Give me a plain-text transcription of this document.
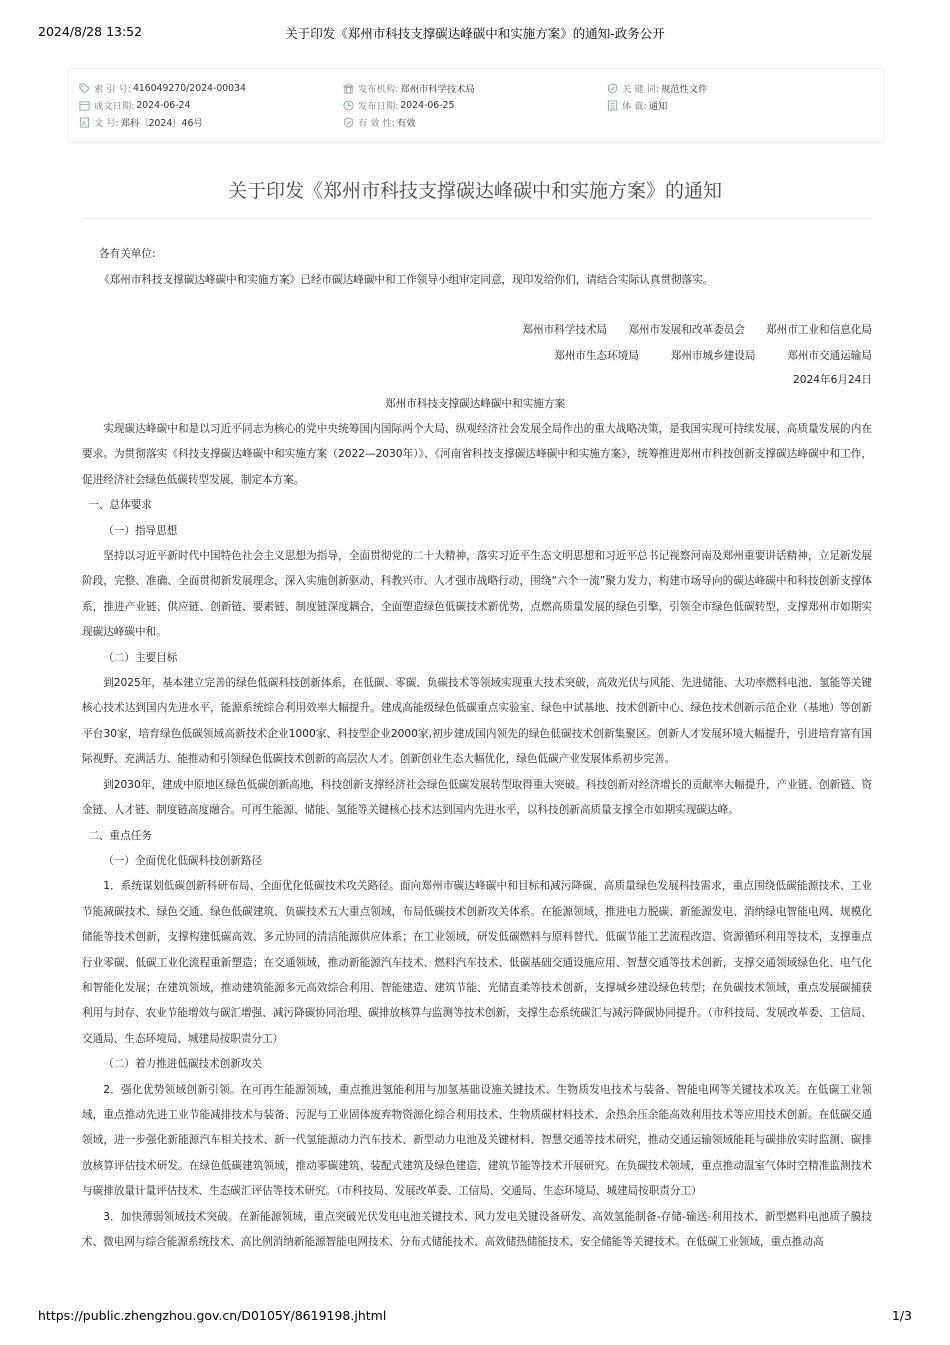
2024/8/28 13:52	关于印发《郑州市科技支撑碳达峰碳中和实施方案》的通知-政务公开
索 引 号: 416049270/2024-00034
成文日期: 2024-06-24
A 文 号: 郑科〔2024〕46号
发布机构: 郑州市科学技术局
发布日期: 2024-06-25
有 效 性: 有效
关 键 词: 规范性文件
体 裁: 通知
关于印发《郑州市科技支撑碳达峰碳中和实施方案》的通知
各有关单位:
《郑州市科技支撑碳达峰碳中和实施方案》已经市碳达峰碳中和工作领导小组审定同意，现印发给你们，请结合实际认真贯彻落实。
郑州市科学技术局　　郑州市发展和改革委员会　　郑州市工业和信息化局
郑州市生态环境局　　　郑州市城乡建设局　　　郑州市交通运输局
2024年6月24日
郑州市科技支撑碳达峰碳中和实施方案

实现碳达峰碳中和是以习近平同志为核心的党中央统筹国内国际两个大局、纵观经济社会发展全局作出的重大战略决策，是我国实现可持续发展、高质量发展的内在要求。为贯彻落实《科技支撑碳达峰碳中和实施方案（2022—2030年）》、《河南省科技支撑碳达峰碳中和实施方案》，统筹推进郑州市科技创新支撑碳达峰碳中和工作，促进经济社会绿色低碳转型发展，制定本方案。

一、总体要求

（一）指导思想

坚持以习近平新时代中国特色社会主义思想为指导，全面贯彻党的二十大精神，落实习近平生态文明思想和习近平总书记视察河南及郑州重要讲话精神，立足新发展阶段，完整、准确、全面贯彻新发展理念，深入实施创新驱动、科教兴市、人才强市战略行动，围绕“六个一流”聚力发力，构建市场导向的碳达峰碳中和科技创新支撑体系，推进产业链、供应链、创新链、要素链、制度链深度耦合，全面塑造绿色低碳技术新优势，点燃高质量发展的绿色引擎，引领全市绿色低碳转型，支撑郑州市如期实现碳达峰碳中和。

（二）主要目标

到2025年，基本建立完善的绿色低碳科技创新体系，在低碳、零碳、负碳技术等领域实现重大技术突破，高效光伏与风能、先进储能、大功率燃料电池、氢能等关键核心技术达到国内先进水平，能源系统综合利用效率大幅提升。建成高能级绿色低碳重点实验室、绿色中试基地、技术创新中心、绿色技术创新示范企业（基地）等创新平台30家，培育绿色低碳领域高新技术企业1000家、科技型企业2000家,初步建成国内领先的绿色低碳技术创新集聚区。创新人才发展环境大幅提升，引进培育富有国际视野、充满活力、能推动和引领绿色低碳技术创新的高层次人才。创新创业生态大幅优化，绿色低碳产业发展体系初步完善。

到2030年，建成中原地区绿色低碳创新高地，科技创新支撑经济社会绿色低碳发展转型取得重大突破。科技创新对经济增长的贡献率大幅提升，产业链、创新链、资金链、人才链、制度链高度融合。可再生能源、储能、氢能等关键核心技术达到国内先进水平，以科技创新高质量支撑全市如期实现碳达峰。

二、重点任务

（一）全面优化低碳科技创新路径

1．系统谋划低碳创新科研布局、全面优化低碳技术攻关路径。面向郑州市碳达峰碳中和目标和减污降碳、高质量绿色发展科技需求，重点围绕低碳能源技术、工业节能减碳技术、绿色交通、绿色低碳建筑、负碳技术五大重点领域，布局低碳技术创新攻关体系。在能源领域，推进电力脱碳、新能源发电、消纳绿电智能电网、规模化储能等技术创新，支撑构建低碳高效、多元协同的清洁能源供应体系；在工业领域，研发低碳燃料与原料替代、低碳节能工艺流程改造、资源循环利用等技术，支撑重点行业零碳、低碳工业化流程重新塑造；在交通领域，推动新能源汽车技术、燃料汽车技术、低碳基础交通设施应用、智慧交通等技术创新，支撑交通领域绿色化、电气化和智能化发展；在建筑领域，推动建筑能源多元高效综合利用、智能建造、建筑节能、光储直柔等技术创新，支撑城乡建设绿色转型；在负碳技术领域，重点发展碳捕获利用与封存、农业节能增效与碳汇增强、减污降碳协同治理、碳排放核算与监测等技术创新，支撑生态系统碳汇与减污降碳协同提升。（市科技局、发展改革委、工信局、交通局、生态环境局、城建局按职责分工）

（二）着力推进低碳技术创新攻关

2．强化优势领域创新引领。在可再生能源领域，重点推进氢能利用与加氢基础设施关键技术、生物质发电技术与装备、智能电网等关键技术攻关。在低碳工业领域，重点推动先进工业节能减排技术与装备、污泥与工业固体废弃物资源化综合利用技术、生物质碳材料技术、余热余压余能高效利用技术等应用技术创新。在低碳交通领域，进一步强化新能源汽车相关技术、新一代氢能源动力汽车技术、新型动力电池及关键材料、智慧交通等技术研究，推动交通运输领域能耗与碳排放实时监测、碳排放核算评估技术研发。在绿色低碳建筑领域，推动零碳建筑、装配式建筑及绿色建造、建筑节能等技术开展研究。在负碳技术领域，重点推动温室气体时空精准监测技术与碳排放量计量评估技术、生态碳汇评估等技术研究。（市科技局、发展改革委、工信局、交通局、生态环境局、城建局按职责分工）

3．加快薄弱领域技术突破。在新能源领域，重点突破光伏发电电池关键技术、风力发电关键设备研发、高效氢能制备-存储-输送-利用技术、新型燃料电池质子膜技术、微电网与综合能源系统技术、高比例消纳新能源智能电网技术、分布式储能技术、高效储热储能技术、安全储能等关键技术。在低碳工业领域，重点推动高

https://public.zhengzhou.gov.cn/D0105Y/8619198.jhtml	1/3
